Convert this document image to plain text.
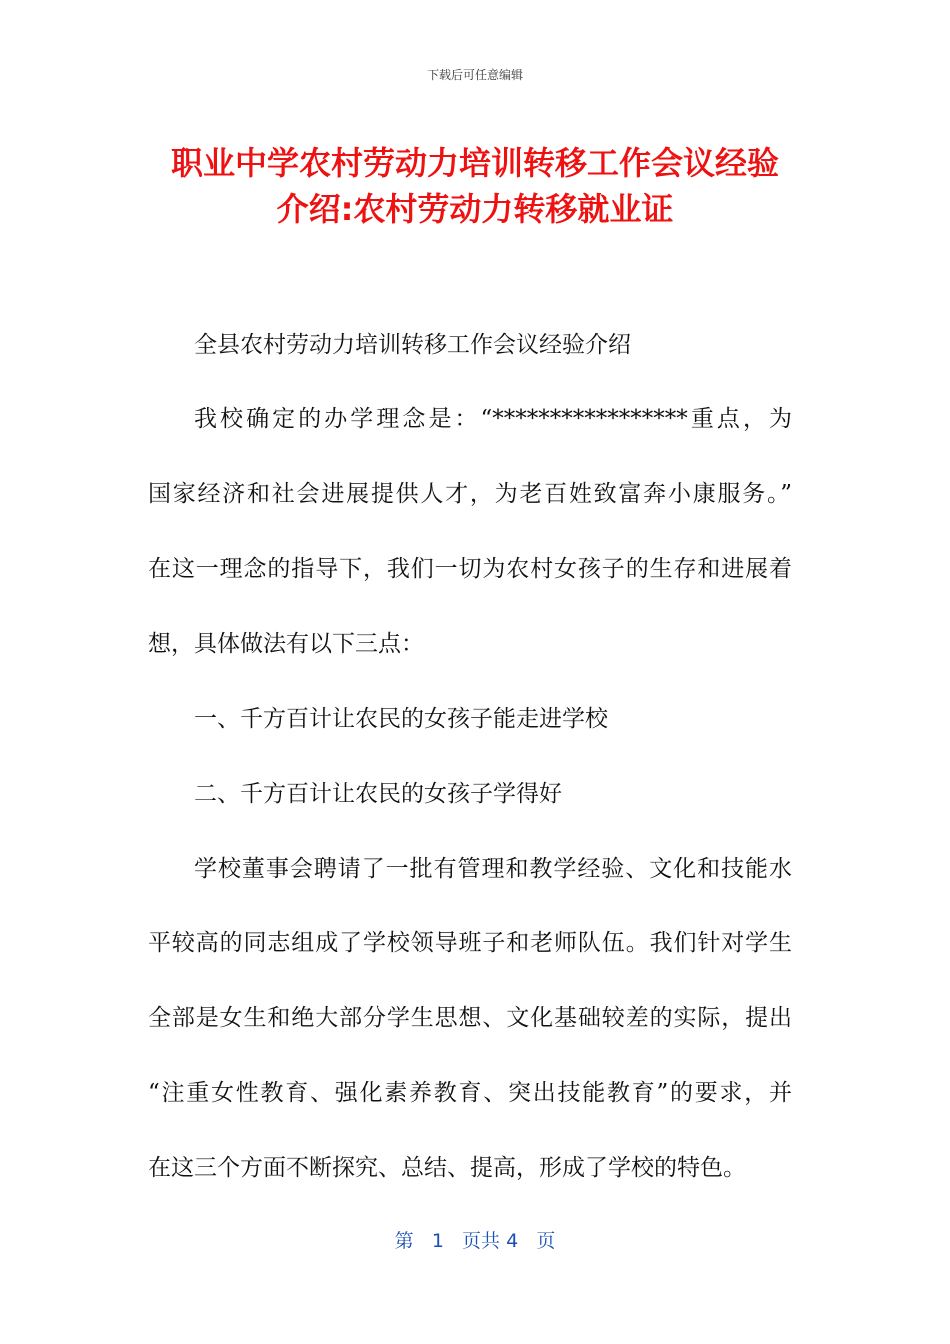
下载后可任意编辑
职业中学农村劳动力培训转移工作会议经验
介绍:农村劳动力转移就业证

全县农村劳动力培训转移工作会议经验介绍

我校确定的办学理念是：“*****************重点，为

国家经济和社会进展提供人才，为老百姓致富奔小康服务。”

在这一理念的指导下，我们一切为农村女孩子的生存和进展着

想，具体做法有以下三点：

一、千方百计让农民的女孩子能走进学校

二、千方百计让农民的女孩子学得好

学校董事会聘请了一批有管理和教学经验、文化和技能水

平较高的同志组成了学校领导班子和老师队伍。我们针对学生

全部是女生和绝大部分学生思想、文化基础较差的实际，提出

“注重女性教育、强化素养教育、突出技能教育”的要求，并

在这三个方面不断探究、总结、提高，形成了学校的特色。

第 1 页共 4 页
